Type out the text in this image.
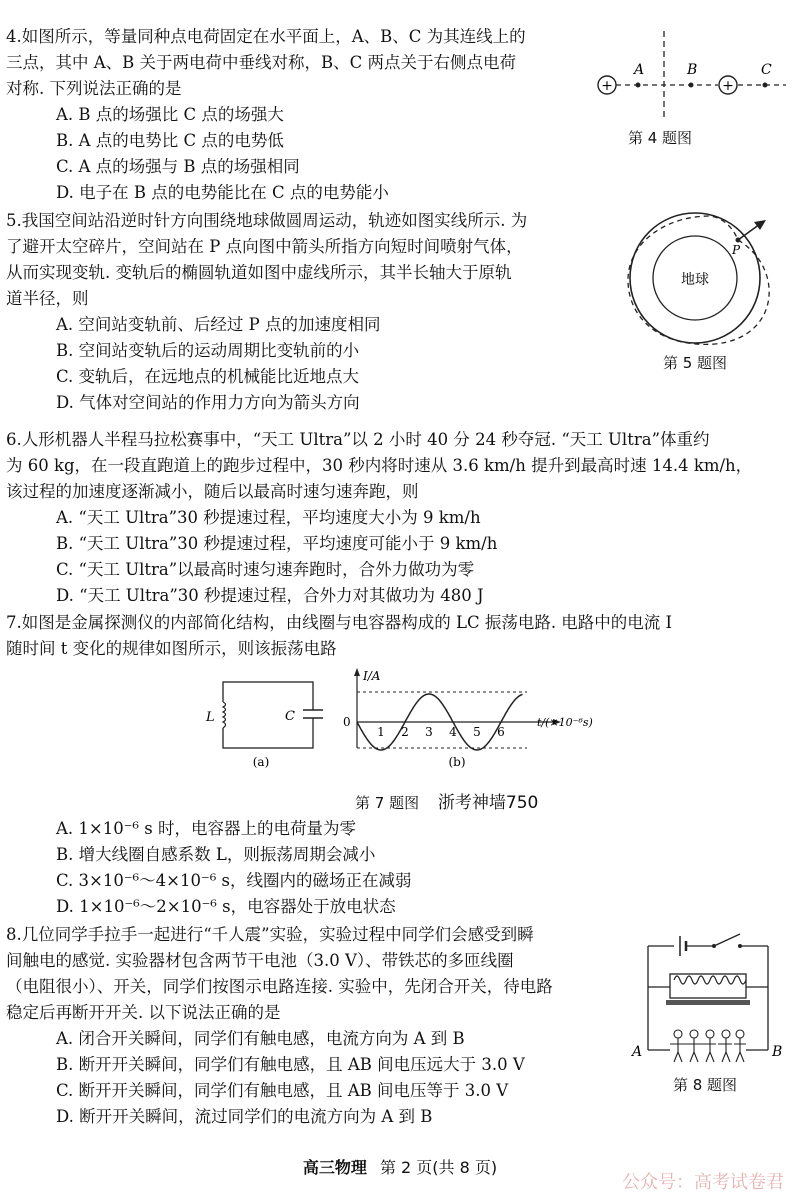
4.如图所示，等量同种点电荷固定在水平面上，A、B、C 为其连线上的
三点，其中 A、B 关于两电荷中垂线对称，B、C 两点关于右侧点电荷
对称. 下列说法正确的是
A. B 点的场强比 C 点的场强大
B. A 点的电势比 C 点的电势低
C. A 点的场强与 B 点的场强相同
D. 电子在 B 点的电势能比在 C 点的电势能小
+	+
A	B	C
第 4 题图
5.我国空间站沿逆时针方向围绕地球做圆周运动，轨迹如图实线所示. 为
了避开太空碎片，空间站在 P 点向图中箭头所指方向短时间喷射气体，
从而实现变轨. 变轨后的椭圆轨道如图中虚线所示，其半长轴大于原轨
道半径，则
A. 空间站变轨前、后经过 P 点的加速度相同
B. 空间站变轨后的运动周期比变轨前的小
C. 变轨后，在远地点的机械能比近地点大
D. 气体对空间站的作用力方向为箭头方向
P
地球
第 5 题图
6.人形机器人半程马拉松赛事中，“天工 Ultra”以 2 小时 40 分 24 秒夺冠. “天工 Ultra”体重约
为 60 kg，在一段直跑道上的跑步过程中，30 秒内将时速从 3.6 km/h 提升到最高时速 14.4 km/h，
该过程的加速度逐渐减小，随后以最高时速匀速奔跑，则
A. “天工 Ultra”30 秒提速过程，平均速度大小为 9 km/h
B. “天工 Ultra”30 秒提速过程，平均速度可能小于 9 km/h
C. “天工 Ultra”以最高时速匀速奔跑时，合外力做功为零
D. “天工 Ultra”30 秒提速过程，合外力对其做功为 480 J
7.如图是金属探测仪的内部简化结构，由线圈与电容器构成的 LC 振荡电路. 电路中的电流 I
随时间 t 变化的规律如图所示，则该振荡电路
L	C
(a)
I/A
0	t/(×10⁻⁶s)
1 2 3 4 5 6
(b)
第 7 题图 浙考神墙750
A. 1×10⁻⁶ s 时，电容器上的电荷量为零
B. 增大线圈自感系数 L，则振荡周期会减小
C. 3×10⁻⁶～4×10⁻⁶ s，线圈内的磁场正在减弱
D. 1×10⁻⁶～2×10⁻⁶ s，电容器处于放电状态
8.几位同学手拉手一起进行“千人震”实验，实验过程中同学们会感受到瞬
间触电的感觉. 实验器材包含两节干电池（3.0 V）、带铁芯的多匝线圈
（电阻很小）、开关，同学们按图示电路连接. 实验中，先闭合开关，待电路
稳定后再断开开关. 以下说法正确的是
A. 闭合开关瞬间，同学们有触电感，电流方向为 A 到 B
B. 断开开关瞬间，同学们有触电感，且 AB 间电压远大于 3.0 V
C. 断开开关瞬间，同学们有触电感，且 AB 间电压等于 3.0 V
D. 断开开关瞬间，流过同学们的电流方向为 A 到 B
A	B
第 8 题图
高三物理 第 2 页(共 8 页)
公众号：高考试卷君
